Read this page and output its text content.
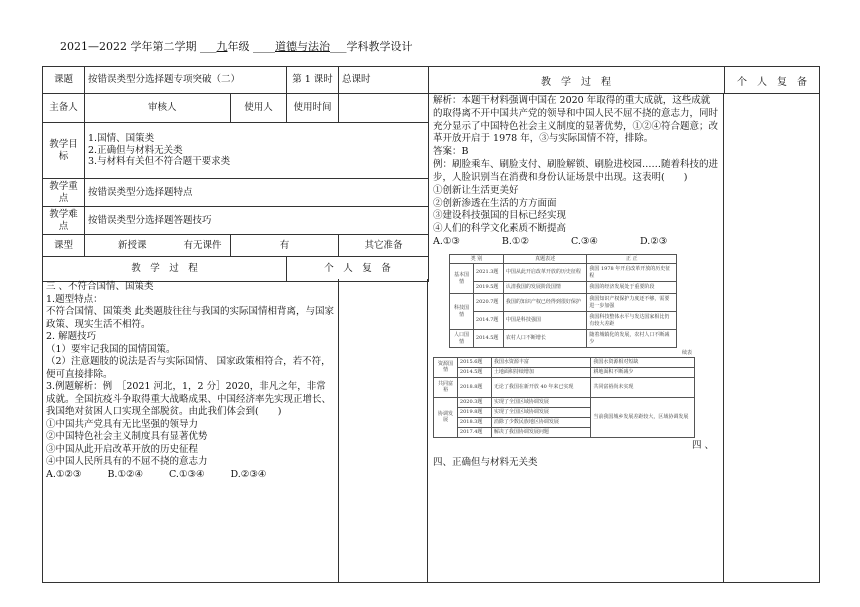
2021—2022 学年第二学期 ___九年级 ____道德与法治___学科教学设计
课题	按错误类型分选择题专项突破（二）		第 1 课时	总课时
主备人	审核人	使用人	使用时间	
教学目标	1.国情、国策类
2.正确但与材料无关类
3.与材料有关但不符合题干要求类			

教学重点	按错误类型分选择题特点			
教学难点	按错误类型分选择题答题技巧			
课型	新授课 有无课件	有		其它准备
教　学　过　程			个　人　复　备	

三 、不符合国情、国策类

1.题型特点：

不符合国情、国策类 此类题肢往往与我国的实际国情相背离，与国家政策、现实生活不相符。

2. 解题技巧

（1）要牢记我国的国情国策。

（2）注意题肢的说法是否与实际国情、 国家政策相符合，若不符，便可直接排除。

3.例题解析：例　［2021 河北，1，2 分］2020，非凡之年，非常成就。全国抗疫斗争取得重大战略成果、中国经济率先实现正增长、我国绝对贫困人口实现全部脱贫。由此我们体会到(　　)

①中国共产党具有无比坚强的领导力

②中国特色社会主义制度具有显著优势

③中国从此开启改革开放的历史征程

④中国人民所具有的不屈不挠的意志力

A.①②③	B.①②④	C.①③④	D.②③④
教　学　过　程	个　人　复　备

解析：本题干材料强调中国在 2020 年取得的重大成就，这些成就的取得离不开中国共产党的领导和中国人民不屈不挠的意志力，同时充分显示了中国特色社会主义制度的显著优势，①②④符合题意；改革开放开启于 1978 年，③与实际国情不符，排除。

答案：B

例：刷脸乘车、刷脸支付、刷脸解锁、刷脸进校园……随着科技的进步，人脸识别当在消费和身份认证场景中出现。这表明(　　)

①创新让生活更美好

②创新渗透在生活的方方面面

③建设科技强国的目标已经实现

④人们的科学文化素质不断提高

A.①③	B.①②	C.③④	D.②③
类 别		真题表述	正 正
基本国情	2021.3题	中国从此开启改革开放的历史征程	我国 1978 年开启改革开放的历史征程
	2019.5题	认清我国的发展阶段国情	我国的经济发展处于重要阶段
科技国情	2020.7题	我国的知识产权已经得到很好保护	我国知识产权保护力度还不够，需要进一步加强
	2014.7题	中国是科技强国	我国科技整体水平与发达国家相比仍有较大差距
人口国情	2014.5题	农村人口不断增长	随着城镇化的发展，农村人口不断减少
续表
资源国情	2015.6题	我国水资源丰富	我国水资源相对短缺
	2014.5题	土地面积持续增加	耕地面积不断减少
共同富裕	2018.8题	无论了我国在新开放 40 年来已实现	共同富裕尚未实现
协调发展	2020.3题	实现了全国区域协调发展	当前我国城乡发展差距较大，区域协调发展
	2019.8题	实现了全国区域协调发展	
	2018.3题	消除了少数民族地区协调发展	
	2017.4题	解决了我国协调发展问题	
四 、

四、正确但与材料无关类
